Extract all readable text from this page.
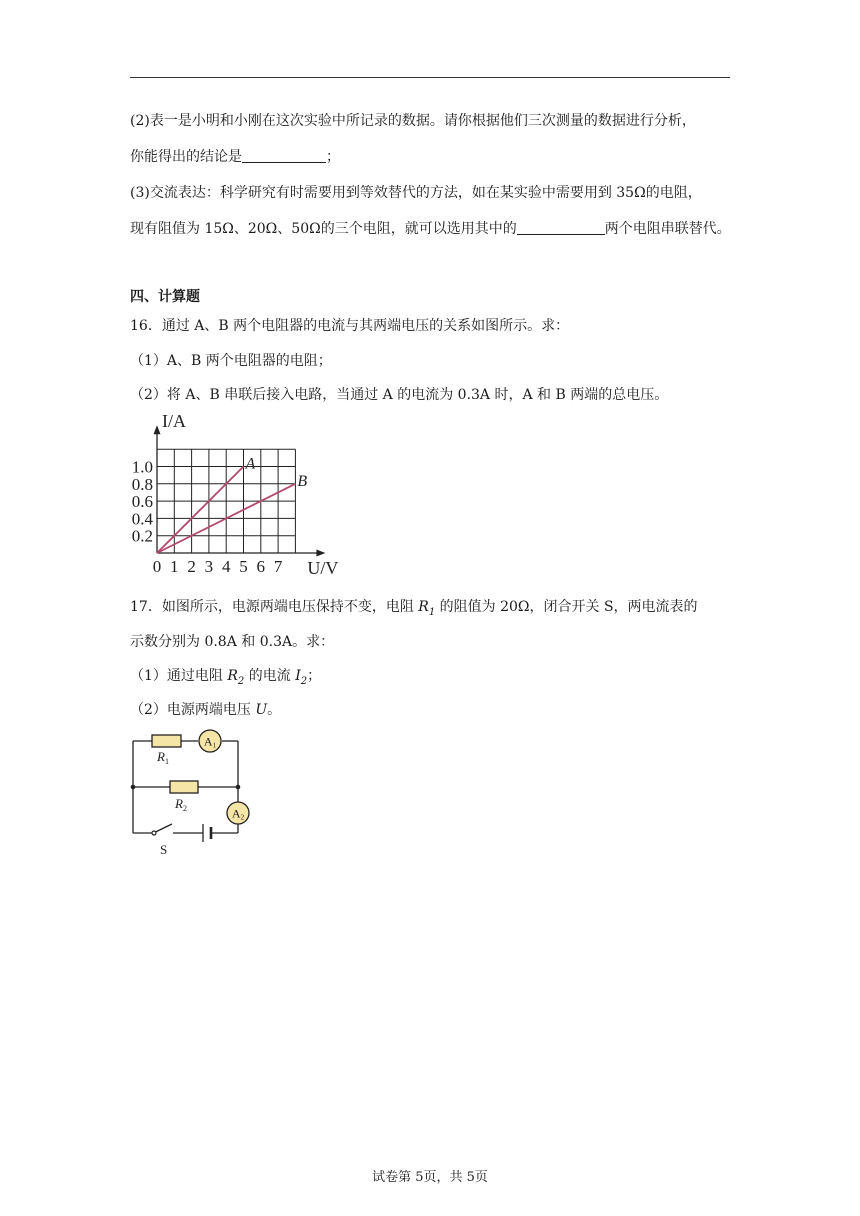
(2)表一是小明和小刚在这次实验中所记录的数据。请你根据他们三次测量的数据进行分析，
你能得出的结论是	；
(3)交流表达：科学研究有时需要用到等效替代的方法，如在某实验中需要用到 35Ω的电阻，
现有阻值为 15Ω、20Ω、50Ω的三个电阻，就可以选用其中的	两个电阻串联替代。
四、计算题
16．通过 A、B 两个电阻器的电流与其两端电压的关系如图所示。求：
（1）A、B 两个电阻器的电阻；
（2）将 A、B 串联后接入电路，当通过 A 的电流为 0.3A 时，A 和 B 两端的总电压。
0 1 2 3 4 5 6 7
0.2
0.4
0.6
0.8
1.0
I/A
U/V
A
B
17．如图所示，电源两端电压保持不变，电阻 $R_1$ 的阻值为 20Ω，闭合开关 S，两电流表的
示数分别为 0.8A 和 0.3A。求：
（1）通过电阻 $R_2$ 的电流 $I_2$；
（2）电源两端电压 U。
A1
A2
$R_1$
$R_2$
S
试卷第 5页，共 5页
